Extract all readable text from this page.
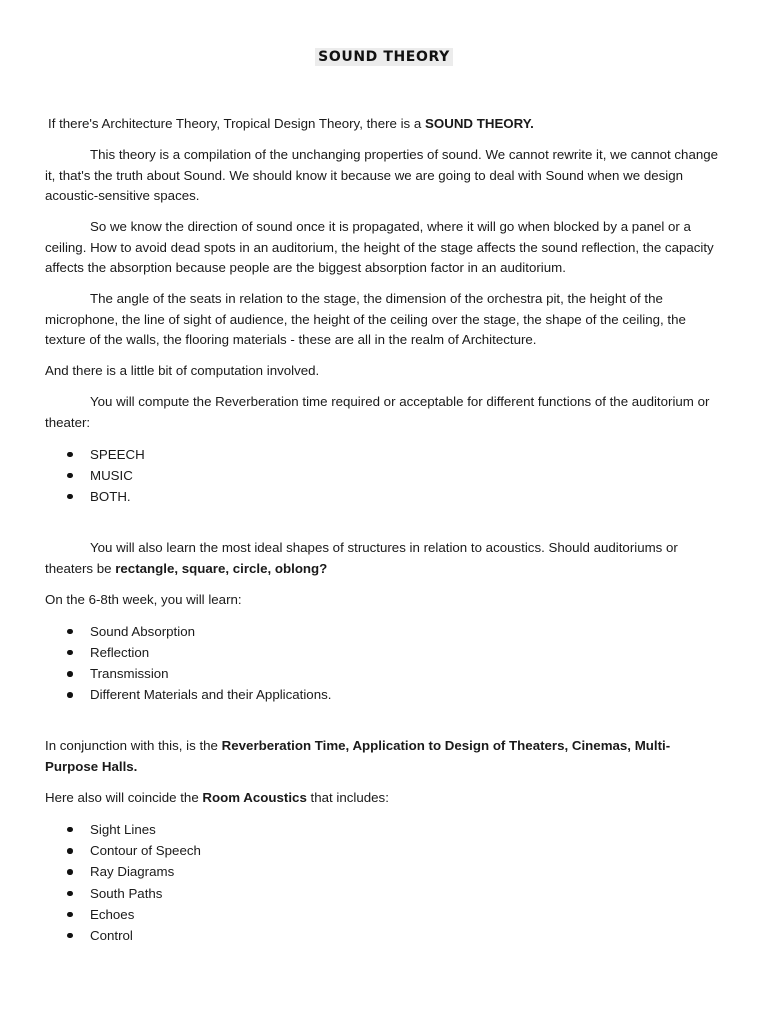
SOUND THEORY

If there's Architecture Theory, Tropical Design Theory, there is a SOUND THEORY.

This theory is a compilation of the unchanging properties of sound. We cannot rewrite it, we cannot change it, that's the truth about Sound. We should know it because we are going to deal with Sound when we design acoustic-sensitive spaces.

So we know the direction of sound once it is propagated, where it will go when blocked by a panel or a ceiling. How to avoid dead spots in an auditorium, the height of the stage affects the sound reflection, the capacity affects the absorption because people are the biggest absorption factor in an auditorium.

The angle of the seats in relation to the stage, the dimension of the orchestra pit, the height of the microphone, the line of sight of audience, the height of the ceiling over the stage, the shape of the ceiling, the texture of the walls, the flooring materials - these are all in the realm of Architecture.

And there is a little bit of computation involved.

You will compute the Reverberation time required or acceptable for different functions of the auditorium or theater:

SPEECH
MUSIC
BOTH.

You will also learn the most ideal shapes of structures in relation to acoustics. Should auditoriums or theaters be rectangle, square, circle, oblong?

On the 6-8th week, you will learn:

Sound Absorption
Reflection
Transmission
Different Materials and their Applications.

In conjunction with this, is the Reverberation Time, Application to Design of Theaters, Cinemas, Multi-Purpose Halls.

Here also will coincide the Room Acoustics that includes:

Sight Lines
Contour of Speech
Ray Diagrams
South Paths
Echoes
Control
